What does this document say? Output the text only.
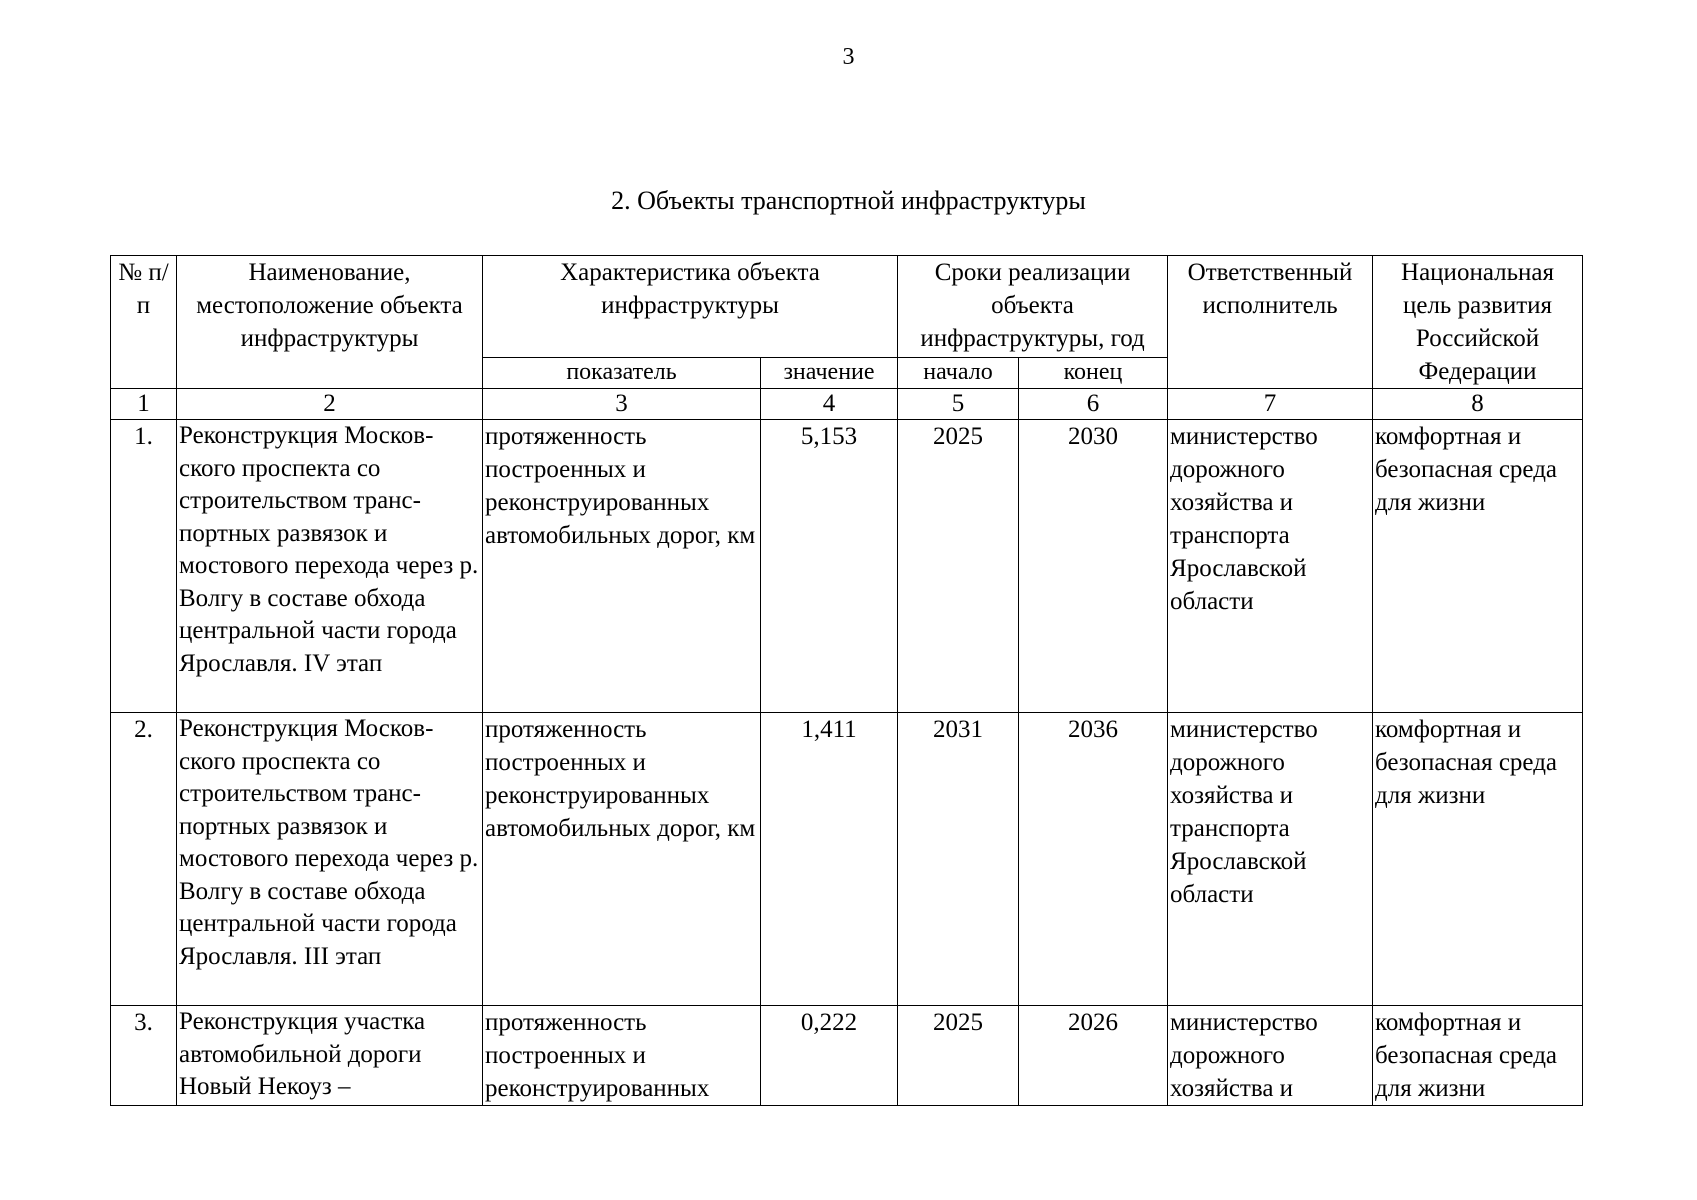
3
2. Объекты транспортной инфраструктуры
№ п/п	Наименование, местоположение объекта инфраструктуры	Характеристика объекта инфраструктуры		Сроки реализации объекта инфраструктуры, год		Ответственный исполнитель	Национальная цель развития Российской Федерации
		показатель	значение	начало	конец		
1	2	3	4	5	6	7	8
1.	Реконструкция Москов-ского проспекта со строительством транс-портных развязок и мостового перехода через р. Волгу в составе обхода центральной части города Ярославля. IV этап	протяженность построенных и реконструированных автомобильных дорог, км	5,153	2025	2030	министерство дорожного хозяйства и транспорта Ярославской области	комфортная и безопасная среда для жизни
2.	Реконструкция Москов-ского проспекта со строительством транс-портных развязок и мостового перехода через р. Волгу в составе обхода центральной части города Ярославля. III этап	протяженность построенных и реконструированных автомобильных дорог, км	1,411	2031	2036	министерство дорожного хозяйства и транспорта Ярославской области	комфортная и безопасная среда для жизни
3.	Реконструкция участка автомобильной дороги Новый Некоуз –	протяженность построенных и реконструированных	0,222	2025	2026	министерство дорожного хозяйства и	комфортная и безопасная среда для жизни
